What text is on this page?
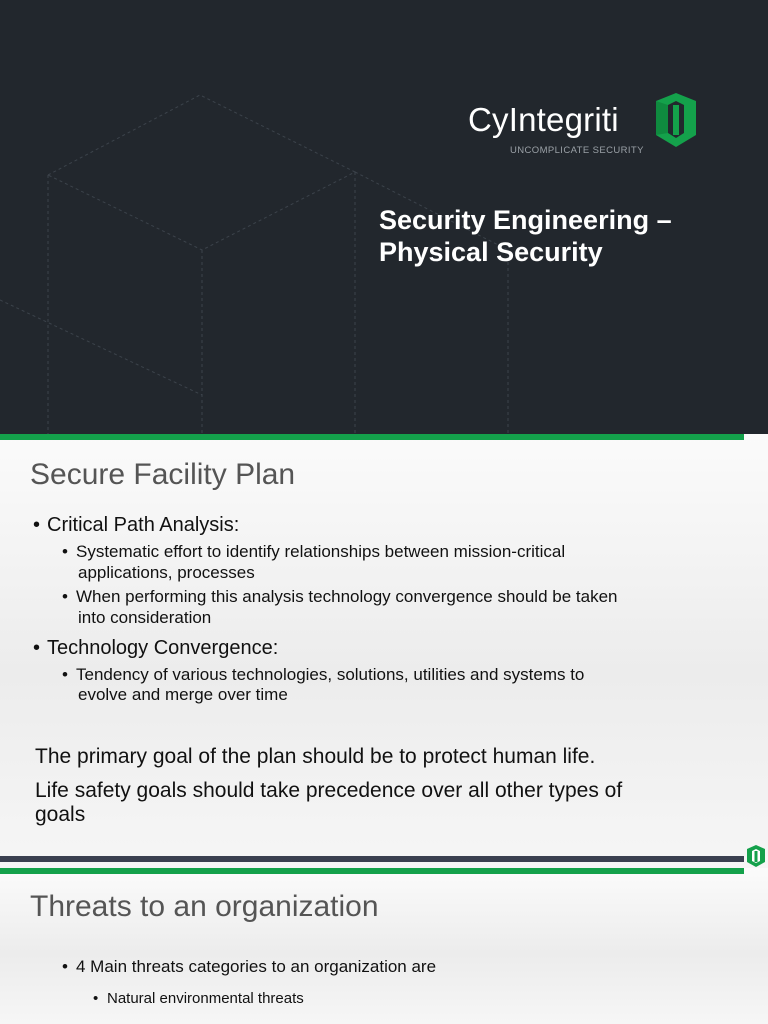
CyIntegriti
UNCOMPLICATE SECURITY
Security Engineering –
Physical Security
Secure Facility Plan
• Critical Path Analysis:
• Systematic effort to identify relationships between mission-critical
applications, processes
• When performing this analysis technology convergence should be taken
into consideration
• Technology Convergence:
• Tendency of various technologies, solutions, utilities and systems to
evolve and merge over time
The primary goal of the plan should be to protect human life.
Life safety goals should take precedence over all other types of
goals
Threats to an organization
• 4 Main threats categories to an organization are
• Natural environmental threats
